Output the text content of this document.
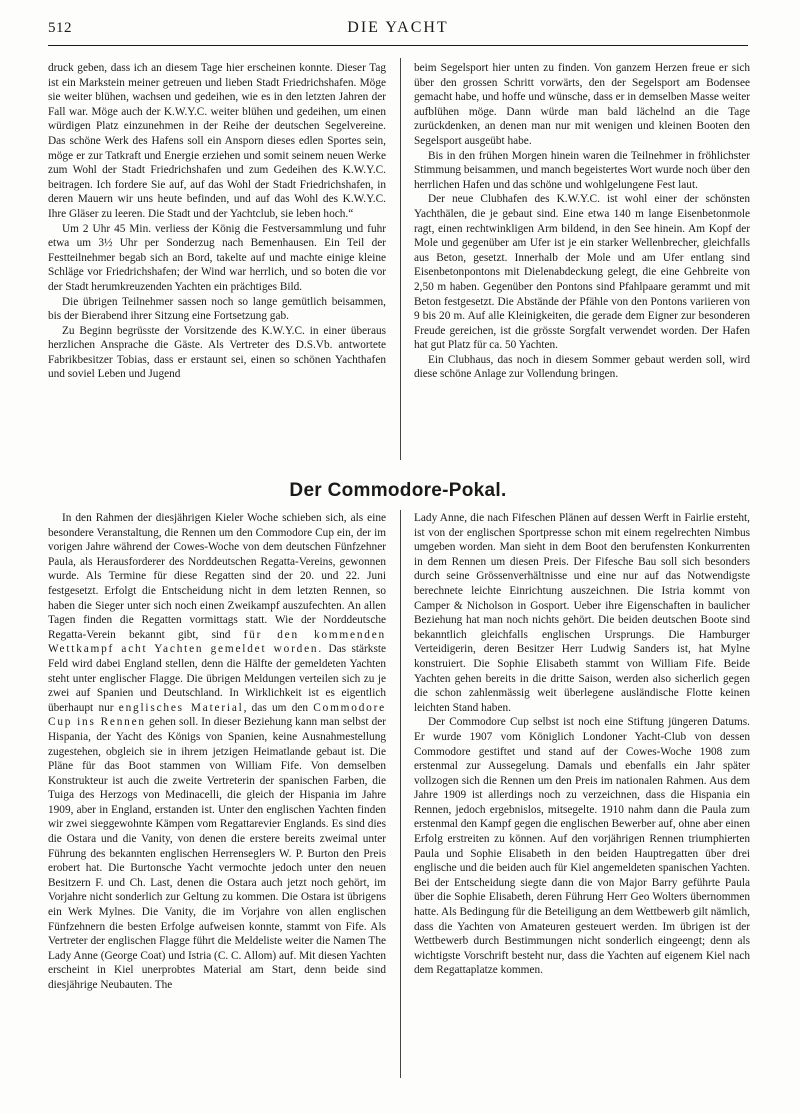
512	DIE YACHT

druck geben, dass ich an diesem Tage hier erscheinen konnte. Dieser Tag ist ein Markstein meiner getreuen und lieben Stadt Friedrichshafen. Möge sie weiter blühen, wachsen und gedeihen, wie es in den letzten Jahren der Fall war. Möge auch der K.W.Y.C. weiter blühen und gedeihen, um einen würdigen Platz einzunehmen in der Reihe der deutschen Segelvereine. Das schöne Werk des Hafens soll ein Ansporn dieses edlen Sportes sein, möge er zur Tatkraft und Energie erziehen und somit seinem neuen Werke zum Wohl der Stadt Friedrichshafen und zum Gedeihen des K.W.Y.C. beitragen. Ich fordere Sie auf, auf das Wohl der Stadt Friedrichshafen, in deren Mauern wir uns heute befinden, und auf das Wohl des K.W.Y.C. Ihre Gläser zu leeren. Die Stadt und der Yachtclub, sie leben hoch.“

Um 2 Uhr 45 Min. verliess der König die Festversammlung und fuhr etwa um 3½ Uhr per Sonderzug nach Bemenhausen. Ein Teil der Festteilnehmer begab sich an Bord, takelte auf und machte einige kleine Schläge vor Friedrichshafen; der Wind war herrlich, und so boten die vor der Stadt herumkreuzenden Yachten ein prächtiges Bild.

Die übrigen Teilnehmer sassen noch so lange gemütlich beisammen, bis der Bierabend ihrer Sitzung eine Fortsetzung gab.

Zu Beginn begrüsste der Vorsitzende des K.W.Y.C. in einer überaus herzlichen Ansprache die Gäste. Als Vertreter des D.S.Vb. antwortete Fabrikbesitzer Tobias, dass er erstaunt sei, einen so schönen Yachthafen und soviel Leben und Jugend

beim Segelsport hier unten zu finden. Von ganzem Herzen freue er sich über den grossen Schritt vorwärts, den der Segelsport am Bodensee gemacht habe, und hoffe und wünsche, dass er in demselben Masse weiter aufblühen möge. Dann würde man bald lächelnd an die Tage zurückdenken, an denen man nur mit wenigen und kleinen Booten den Segelsport ausgeübt habe.

Bis in den frühen Morgen hinein waren die Teilnehmer in fröhlichster Stimmung beisammen, und manch begeistertes Wort wurde noch über den herrlichen Hafen und das schöne und wohlgelungene Fest laut.

Der neue Clubhafen des K.W.Y.C. ist wohl einer der schönsten Yachthälen, die je gebaut sind. Eine etwa 140 m lange Eisenbetonmole ragt, einen rechtwinkligen Arm bildend, in den See hinein. Am Kopf der Mole und gegenüber am Ufer ist je ein starker Wellenbrecher, gleichfalls aus Beton, gesetzt. Innerhalb der Mole und am Ufer entlang sind Eisenbetonpontons mit Dielenabdeckung gelegt, die eine Gehbreite von 2,50 m haben. Gegenüber den Pontons sind Pfahlpaare gerammt und mit Beton festgesetzt. Die Abstände der Pfähle von den Pontons variieren von 9 bis 20 m. Auf alle Kleinigkeiten, die gerade dem Eigner zur besonderen Freude gereichen, ist die grösste Sorgfalt verwendet worden. Der Hafen hat gut Platz für ca. 50 Yachten.

Ein Clubhaus, das noch in diesem Sommer gebaut werden soll, wird diese schöne Anlage zur Vollendung bringen.

Der Commodore-Pokal.

In den Rahmen der diesjährigen Kieler Woche schieben sich, als eine besondere Veranstaltung, die Rennen um den Commodore Cup ein, der im vorigen Jahre während der Cowes-Woche von dem deutschen Fünfzehner Paula, als Herausforderer des Norddeutschen Regatta-Vereins, gewonnen wurde. Als Termine für diese Regatten sind der 20. und 22. Juni festgesetzt. Erfolgt die Entscheidung nicht in dem letzten Rennen, so haben die Sieger unter sich noch einen Zweikampf auszufechten. An allen Tagen finden die Regatten vormittags statt. Wie der Norddeutsche Regatta-Verein bekannt gibt, sind für den kommenden Wettkampf acht Yachten gemeldet worden. Das stärkste Feld wird dabei England stellen, denn die Hälfte der gemeldeten Yachten steht unter englischer Flagge. Die übrigen Meldungen verteilen sich zu je zwei auf Spanien und Deutschland. In Wirklichkeit ist es eigentlich überhaupt nur englisches Material, das um den Commodore Cup ins Rennen gehen soll. In dieser Beziehung kann man selbst der Hispania, der Yacht des Königs von Spanien, keine Ausnahmestellung zugestehen, obgleich sie in ihrem jetzigen Heimatlande gebaut ist. Die Pläne für das Boot stammen von William Fife. Von demselben Konstrukteur ist auch die zweite Vertreterin der spanischen Farben, die Tuiga des Herzogs von Medinacelli, die gleich der Hispania im Jahre 1909, aber in England, erstanden ist. Unter den englischen Yachten finden wir zwei sieggewohnte Kämpen vom Regattarevier Englands. Es sind dies die Ostara und die Vanity, von denen die erstere bereits zweimal unter Führung des bekannten englischen Herrenseglers W. P. Burton den Preis erobert hat. Die Burtonsche Yacht vermochte jedoch unter den neuen Besitzern F. und Ch. Last, denen die Ostara auch jetzt noch gehört, im Vorjahre nicht sonderlich zur Geltung zu kommen. Die Ostara ist übrigens ein Werk Mylnes. Die Vanity, die im Vorjahre von allen englischen Fünfzehnern die besten Erfolge aufweisen konnte, stammt von Fife. Als Vertreter der englischen Flagge führt die Meldeliste weiter die Namen The Lady Anne (George Coat) und Istria (C. C. Allom) auf. Mit diesen Yachten erscheint in Kiel unerprobtes Material am Start, denn beide sind diesjährige Neubauten. The

Lady Anne, die nach Fifeschen Plänen auf dessen Werft in Fairlie ersteht, ist von der englischen Sportpresse schon mit einem regelrechten Nimbus umgeben worden. Man sieht in dem Boot den berufensten Konkurrenten in dem Rennen um diesen Preis. Der Fifesche Bau soll sich besonders durch seine Grössenverhältnisse und eine nur auf das Notwendigste berechnete leichte Einrichtung auszeichnen. Die Istria kommt von Camper & Nicholson in Gosport. Ueber ihre Eigenschaften in baulicher Beziehung hat man noch nichts gehört. Die beiden deutschen Boote sind bekanntlich gleichfalls englischen Ursprungs. Die Hamburger Verteidigerin, deren Besitzer Herr Ludwig Sanders ist, hat Mylne konstruiert. Die Sophie Elisabeth stammt von William Fife. Beide Yachten gehen bereits in die dritte Saison, werden also sicherlich gegen die schon zahlenmässig weit überlegene ausländische Flotte keinen leichten Stand haben.

Der Commodore Cup selbst ist noch eine Stiftung jüngeren Datums. Er wurde 1907 vom Königlich Londoner Yacht-Club von dessen Commodore gestiftet und stand auf der Cowes-Woche 1908 zum erstenmal zur Aussegelung. Damals und ebenfalls ein Jahr später vollzogen sich die Rennen um den Preis im nationalen Rahmen. Aus dem Jahre 1909 ist allerdings noch zu verzeichnen, dass die Hispania ein Rennen, jedoch ergebnislos, mitsegelte. 1910 nahm dann die Paula zum erstenmal den Kampf gegen die englischen Bewerber auf, ohne aber einen Erfolg erstreiten zu können. Auf den vorjährigen Rennen triumphierten Paula und Sophie Elisabeth in den beiden Hauptregatten über drei englische und die beiden auch für Kiel angemeldeten spanischen Yachten. Bei der Entscheidung siegte dann die von Major Barry geführte Paula über die Sophie Elisabeth, deren Führung Herr Geo Wolters übernommen hatte. Als Bedingung für die Beteiligung an dem Wettbewerb gilt nämlich, dass die Yachten von Amateuren gesteuert werden. Im übrigen ist der Wettbewerb durch Bestimmungen nicht sonderlich eingeengt; denn als wichtigste Vorschrift besteht nur, dass die Yachten auf eigenem Kiel nach dem Regattaplatze kommen.
